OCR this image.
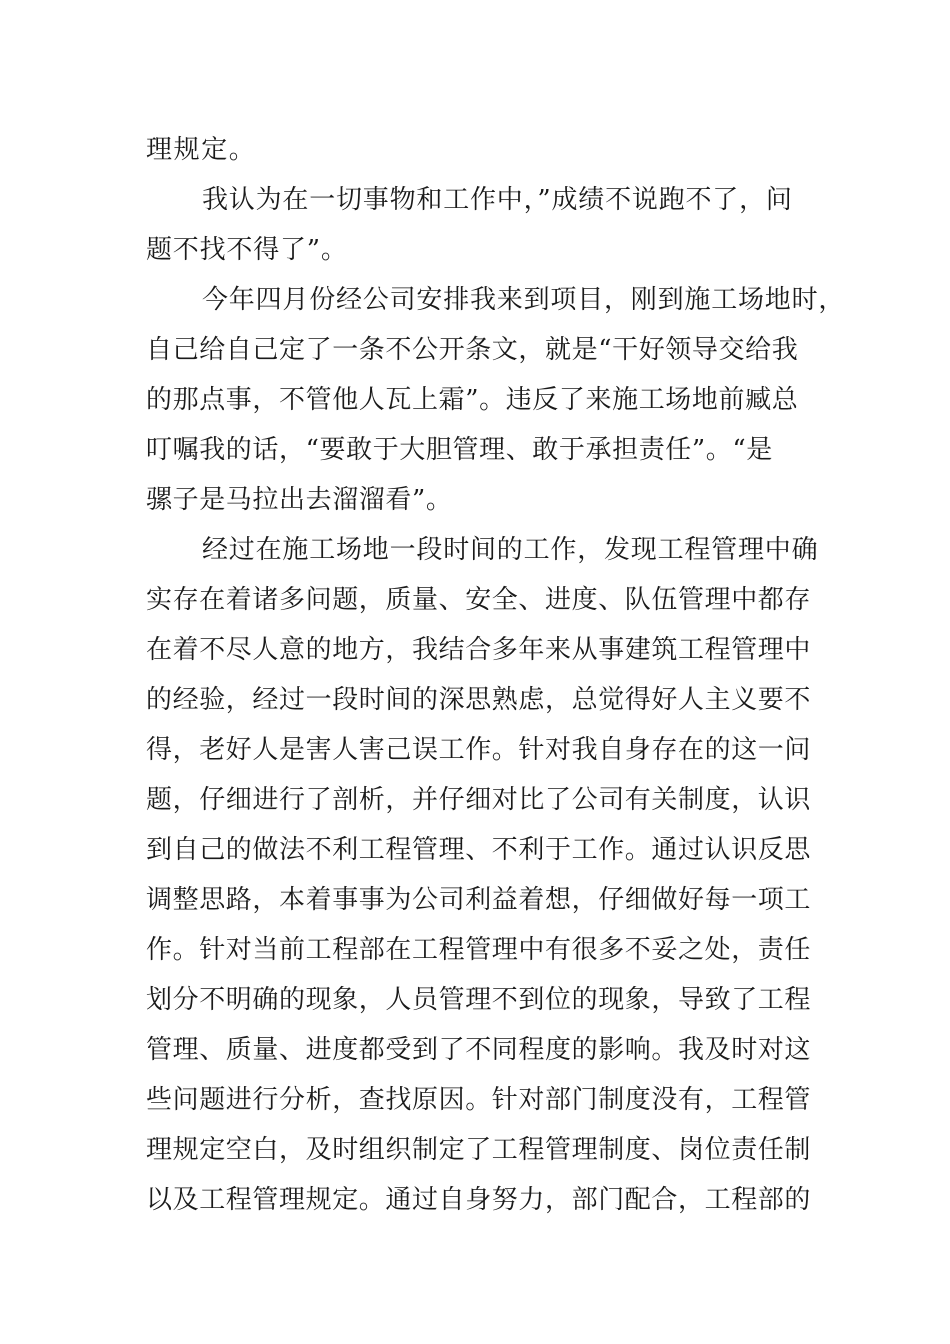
理规定。

我认为在一切事物和工作中，”成绩不说跑不了，问

题不找不得了”。

今年四月份经公司安排我来到项目，刚到施工场地时，

自己给自己定了一条不公开条文，就是“干好领导交给我

的那点事，不管他人瓦上霜”。违反了来施工场地前臧总

叮嘱我的话，“要敢于大胆管理、敢于承担责任”。“是

骡子是马拉出去溜溜看”。

经过在施工场地一段时间的工作，发现工程管理中确

实存在着诸多问题，质量、安全、进度、队伍管理中都存

在着不尽人意的地方，我结合多年来从事建筑工程管理中

的经验，经过一段时间的深思熟虑，总觉得好人主义要不

得，老好人是害人害己误工作。针对我自身存在的这一问

题，仔细进行了剖析，并仔细对比了公司有关制度，认识

到自己的做法不利工程管理、不利于工作。通过认识反思

调整思路，本着事事为公司利益着想，仔细做好每一项工

作。针对当前工程部在工程管理中有很多不妥之处，责任

划分不明确的现象，人员管理不到位的现象，导致了工程

管理、质量、进度都受到了不同程度的影响。我及时对这

些问题进行分析，查找原因。针对部门制度没有，工程管

理规定空白，及时组织制定了工程管理制度、岗位责任制

以及工程管理规定。通过自身努力，部门配合，工程部的
